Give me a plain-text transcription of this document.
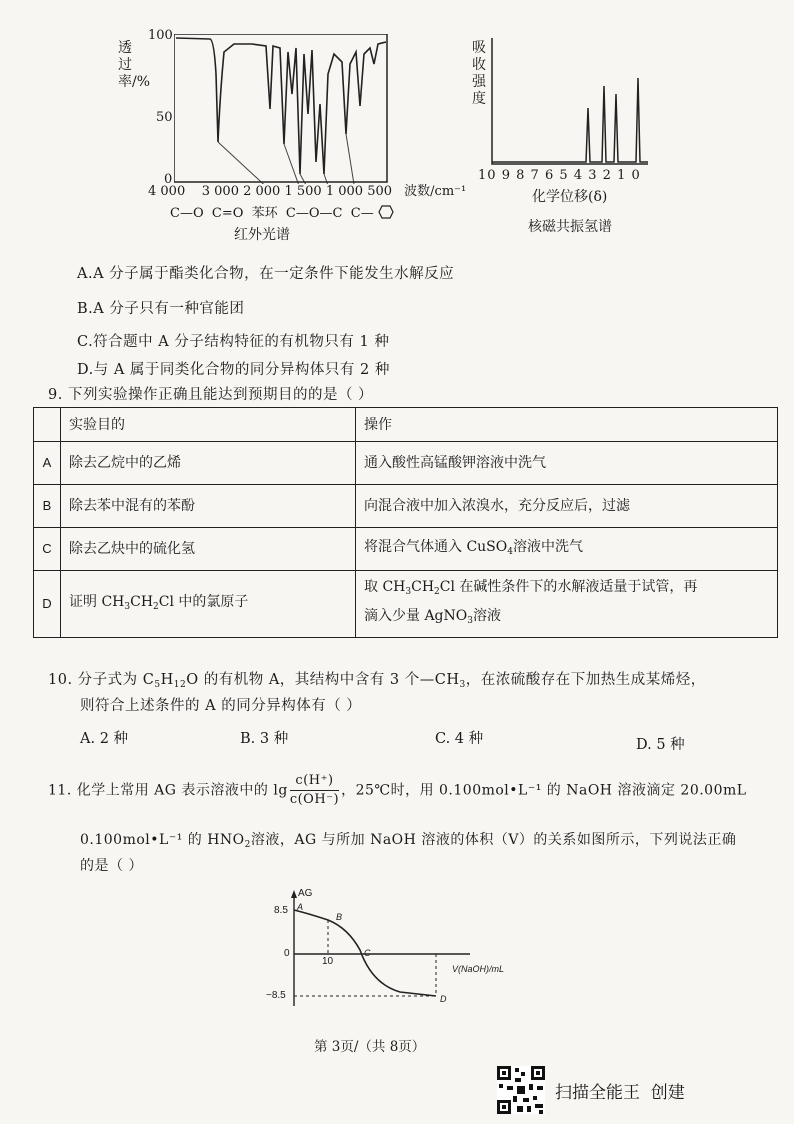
透过率/%
100
50
0
4 000 3 000 2 000 1 500 1 000 500 波数/cm⁻¹
C—O C=O 苯环 C—O—C C—
红外光谱
吸收强度
10 9 8 7 6 5 4 3 2 1 0
化学位移(δ)
核磁共振氢谱
A.A 分子属于酯类化合物，在一定条件下能发生水解反应
B.A 分子只有一种官能团
C.符合题中 A 分子结构特征的有机物只有 1 种
D.与 A 属于同类化合物的同分异构体只有 2 种
9. 下列实验操作正确且能达到预期目的的是（ ）
	实验目的	操作
A	除去乙烷中的乙烯	通入酸性高锰酸钾溶液中洗气
B	除去苯中混有的苯酚	向混合液中加入浓溴水，充分反应后，过滤
C	除去乙炔中的硫化氢	将混合气体通入 CuSO$_4$溶液中洗气
D	证明 $CH_3CH_2Cl$ 中的氯原子	取 $CH_3CH_2Cl$ 在碱性条件下的水解液适量于试管，再
滴入少量 AgNO$_3$溶液
10. 分子式为 $C_5H_{12}O$ 的有机物 A，其结构中含有 3 个$—CH_3$，在浓硫酸存在下加热生成某烯烃，
则符合上述条件的 A 的同分异构体有（ ）
A. 2 种	B. 3 种	C. 4 种	D. 5 种
11. 化学上常用 AG 表示溶液中的 $\lg \frac{c(H^+)}{c(OH^-)}$ ，25℃时，用 0.100mol•L⁻¹ 的 NaOH 溶液滴定 20.00mL
0.100mol•L⁻¹ 的 $HNO_2$溶液，AG 与所加 NaOH 溶液的体积（V）的关系如图所示，下列说法正确
的是（ ）
AG
8.5
0
−8.5
10
V(NaOH)/mL
A
B
C
D
第 3页/（共 8页）
扫描全能王  创建
